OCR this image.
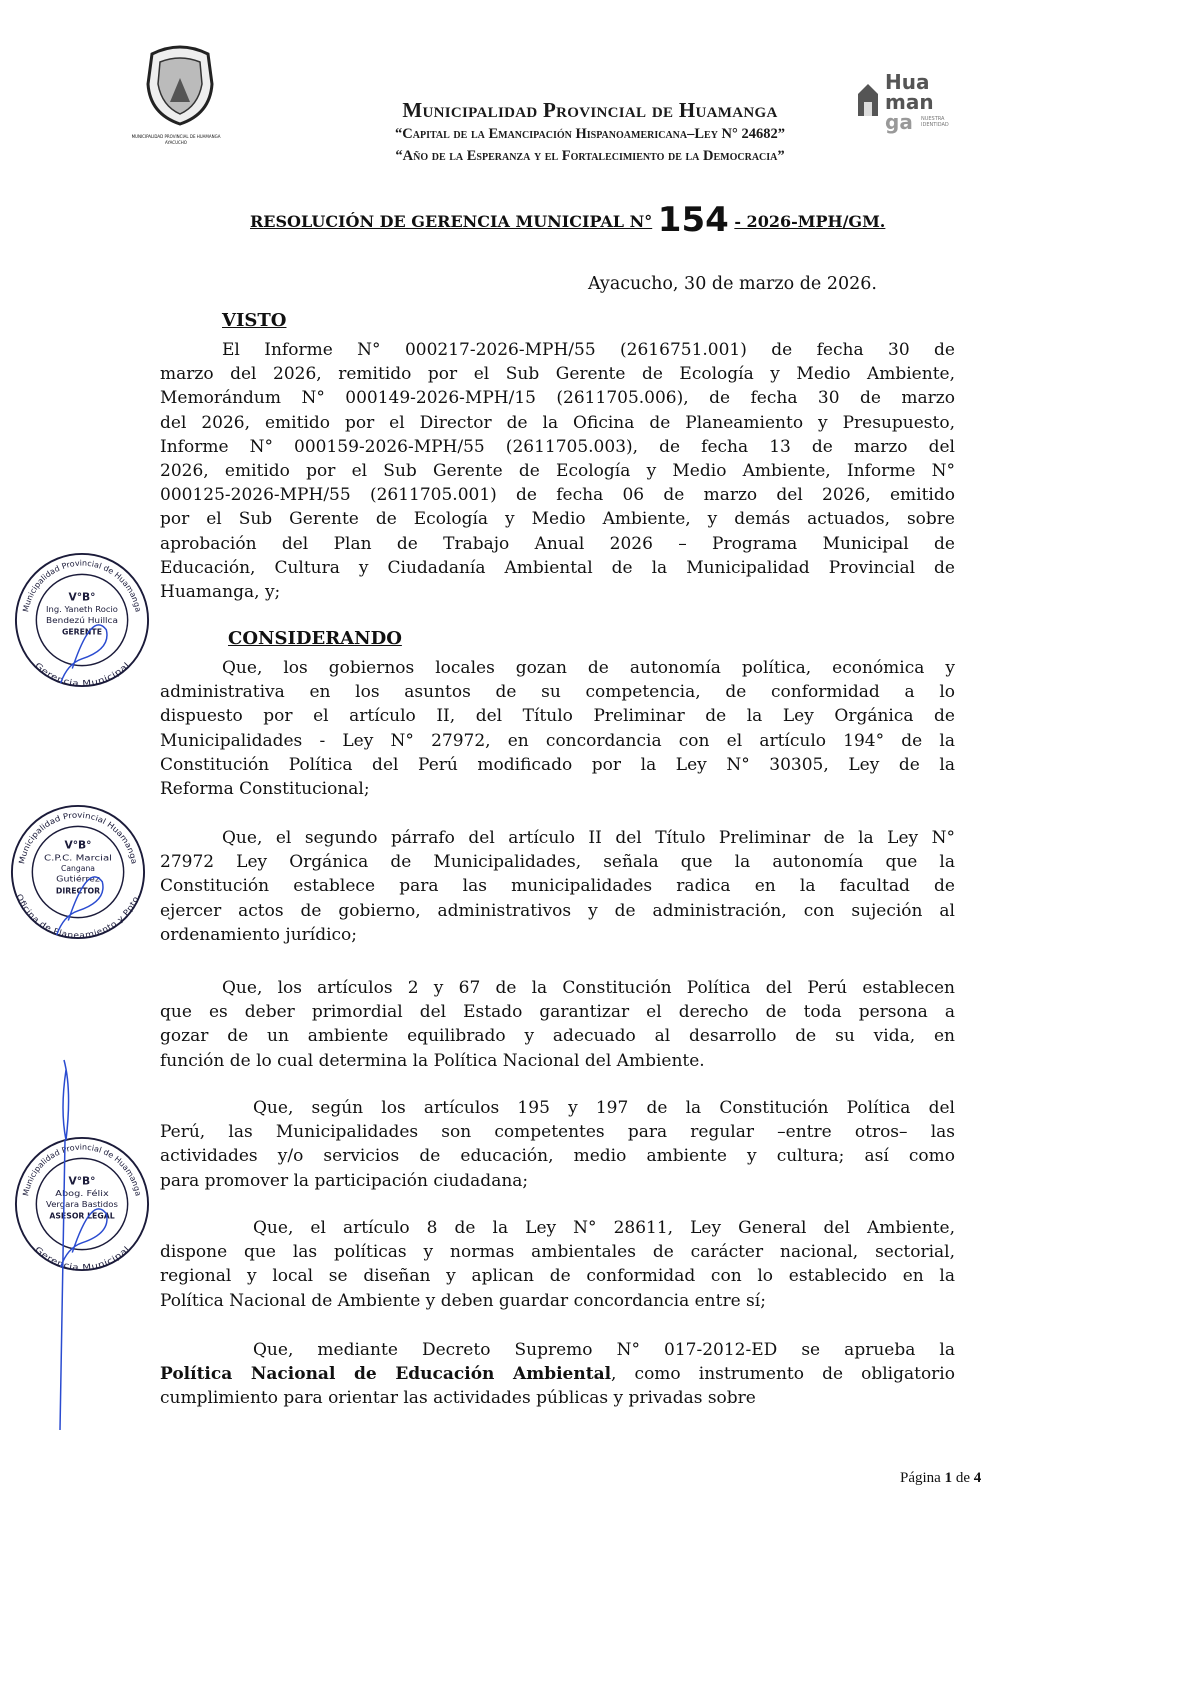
MUNICIPALIDAD PROVINCIAL DE HUAMANGA
AYACUCHO
Hua
man
ga	NUESTRA IDENTIDAD
Municipalidad Provincial de Huamanga
“Capital de la Emancipación Hispanoamericana–Ley N° 24682”
“Año de la Esperanza y el Fortalecimiento de la Democracia”
RESOLUCIÓN DE GERENCIA MUNICIPAL N° 154 - 2026-MPH/GM.
Ayacucho, 30 de marzo de 2026.
VISTO
CONSIDERANDO
El Informe N° 000217-2026-MPH/55 (2616751.001) de fecha 30 de
marzo del 2026, remitido por el Sub Gerente de Ecología y Medio Ambiente,
Memorándum N° 000149-2026-MPH/15 (2611705.006), de fecha 30 de marzo
del 2026, emitido por el Director de la Oficina de Planeamiento y Presupuesto,
Informe N° 000159-2026-MPH/55 (2611705.003), de fecha 13 de marzo del
2026, emitido por el Sub Gerente de Ecología y Medio Ambiente, Informe N°
000125-2026-MPH/55 (2611705.001) de fecha 06 de marzo del 2026, emitido
por el Sub Gerente de Ecología y Medio Ambiente, y demás actuados, sobre
aprobación del Plan de Trabajo Anual 2026 – Programa Municipal de
Educación, Cultura y Ciudadanía Ambiental de la Municipalidad Provincial de
Huamanga, y;
Que, los gobiernos locales gozan de autonomía política, económica y
administrativa en los asuntos de su competencia, de conformidad a lo
dispuesto por el artículo II, del Título Preliminar de la Ley Orgánica de
Municipalidades - Ley N° 27972, en concordancia con el artículo 194° de la
Constitución Política del Perú modificado por la Ley N° 30305, Ley de la
Reforma Constitucional;
Que, el segundo párrafo del artículo II del Título Preliminar de la Ley N°
27972 Ley Orgánica de Municipalidades, señala que la autonomía que la
Constitución establece para las municipalidades radica en la facultad de
ejercer actos de gobierno, administrativos y de administración, con sujeción al
ordenamiento jurídico;
Que, los artículos 2 y 67 de la Constitución Política del Perú establecen
que es deber primordial del Estado garantizar el derecho de toda persona a
gozar de un ambiente equilibrado y adecuado al desarrollo de su vida, en
función de lo cual determina la Política Nacional del Ambiente.
Que, según los artículos 195 y 197 de la Constitución Política del
Perú, las Municipalidades son competentes para regular –entre otros– las
actividades y/o servicios de educación, medio ambiente y cultura; así como
para promover la participación ciudadana;
Que, el artículo 8 de la Ley N° 28611, Ley General del Ambiente,
dispone que las políticas y normas ambientales de carácter nacional, sectorial,
regional y local se diseñan y aplican de conformidad con lo establecido en la
Política Nacional de Ambiente y deben guardar concordancia entre sí;
Que, mediante Decreto Supremo N° 017-2012-ED se aprueba la
Política Nacional de Educación Ambiental, como instrumento de obligatorio
cumplimiento para orientar las actividades públicas y privadas sobre
Municipalidad Provincial de Huamanga
Gerencia Municipal
V°B°
Ing. Yaneth Rocio
Bendezú Huillca
GERENTE
Municipalidad Provincial Huamanga
Oficina de Planeamiento y Ppto.
V°B°
C.P.C. Marcial
Cangana
Gutiérrez
DIRECTOR
Municipalidad Provincial de Huamanga
Gerencia Municipal
V°B°
Abog. Félix
Vergara Bastidos
ASESOR LEGAL
Página 1 de 4
